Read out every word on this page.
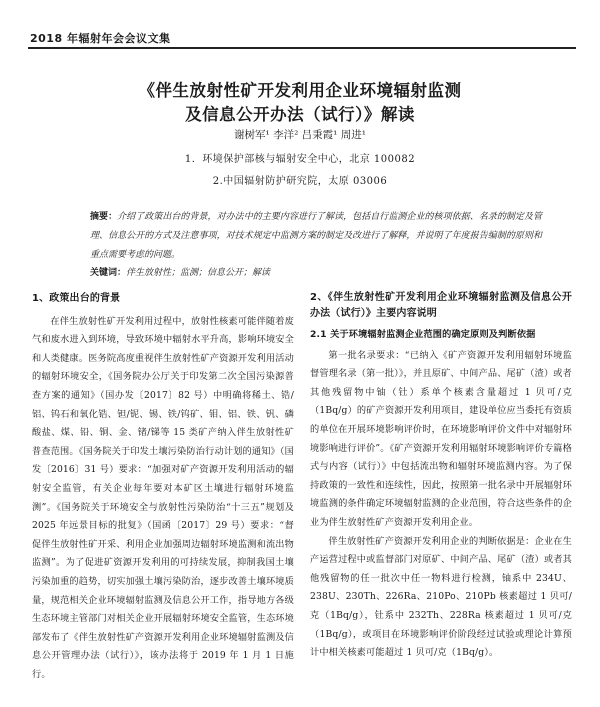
2018 年辐射年会会议文集
《伴生放射性矿开发利用企业环境辐射监测
及信息公开办法（试行）》解读
谢树军¹ 李洋² 吕秉霞¹ 周进¹
1．环境保护部核与辐射安全中心，北京 100082
2.中国辐射防护研究院，太原 03006
摘要：介绍了政策出台的背景，对办法中的主要内容进行了解读，包括自行监测企业的核项依据、名录的制定及管理、信息公开的方式及注意事项，对技术规定中监测方案的制定及改进行了解释，并说明了年度报告编制的原则和重点需要考虑的问题。
关键词：伴生放射性；监测；信息公开；解读
1、政策出台的背景

在伴生放射性矿开发利用过程中，放射性核素可能伴随着废气和废水进入到环境，导致环境中辐射水平升高，影响环境安全和人类健康。医务院高度重视伴生放射性矿产资源开发利用活动的辐射环境安全，《国务院办公厅关于印发第二次全国污染源普查方案的通知》（国办发〔2017〕82 号）中明确将稀土、锆/铝、钨石和氧化锆、钽/铌、锡、铁/钨矿、钼、铝、铁、钒、磷酸盐、煤、铅、铜、金、锗/锑等 15 类矿产纳入伴生放射性矿普查范围。《国务院关于印发土壤污染防治行动计划的通知》（国发〔2016〕31 号）要求：“加强对矿产资源开发利用活动的辐射安全监管，有关企业每年要对本矿区土壤进行辐射环境监测”。《国务院关于环境安全与放射性污染防治“十三五”规划及 2025 年远景目标的批复》（国函〔2017〕29 号）要求：“督促伴生放射性矿开采、利用企业加强周边辐射环境监测和流出物监测”。为了促进矿资源开发利用的可持续发展，抑制我国土壤污染加重的趋势，切实加强土壤污染防治，逐步改善土壤环境质量，规范相关企业环境辐射监测及信息公开工作，指导地方各级生态环境主管部门对相关企业开展辐射环境安全监管，生态环境部发布了《伴生放射性矿产资源开发利用企业环境辐射监测及信息公开管理办法（试行）》，该办法将于 2019 年 1 月 1 日施行。

2、《伴生放射性矿开发利用企业环境辐射监测及信息公开办法（试行）》主要内容说明
2.1 关于环境辐射监测企业范围的确定原则及判断依据

第一批名录要求：“已纳入《矿产资源开发利用辐射环境监督管理名录（第一批）》，并且原矿、中间产品、尾矿（渣）或者其他残留物中铀（钍）系单个核素含量超过 1 贝可/克（1Bq/g）的矿产资源开发利用项目，建设单位应当委托有资质的单位在开展环境影响评价时，在环境影响评价文件中对辐射环境影响进行评价”。《矿产资源开发利用辐射环境影响评价专篇格式与内容（试行）》中包括流出物和辐射环境监测内容。为了保持政策的一致性和连续性，因此，按照第一批名录中开展辐射环境监测的条件确定环境辐射监测的企业范围，符合这些条件的企业为伴生放射性矿产资源开发利用企业。

伴生放射性矿产资源开发利用企业的判断依据是：企业在生产运营过程中或监督部门对原矿、中间产品、尾矿（渣）或者其他残留物的任一批次中任一物料进行检测，铀系中 234U、238U、230Th、226Ra、210Po、210Pb 核素超过 1 贝可/克（1Bq/g），钍系中 232Th、228Ra 核素超过 1 贝可/克（1Bq/g），或项目在环境影响评价阶段经过试验或理论计算预计中相关核素可能超过 1 贝可/克（1Bq/g）。
